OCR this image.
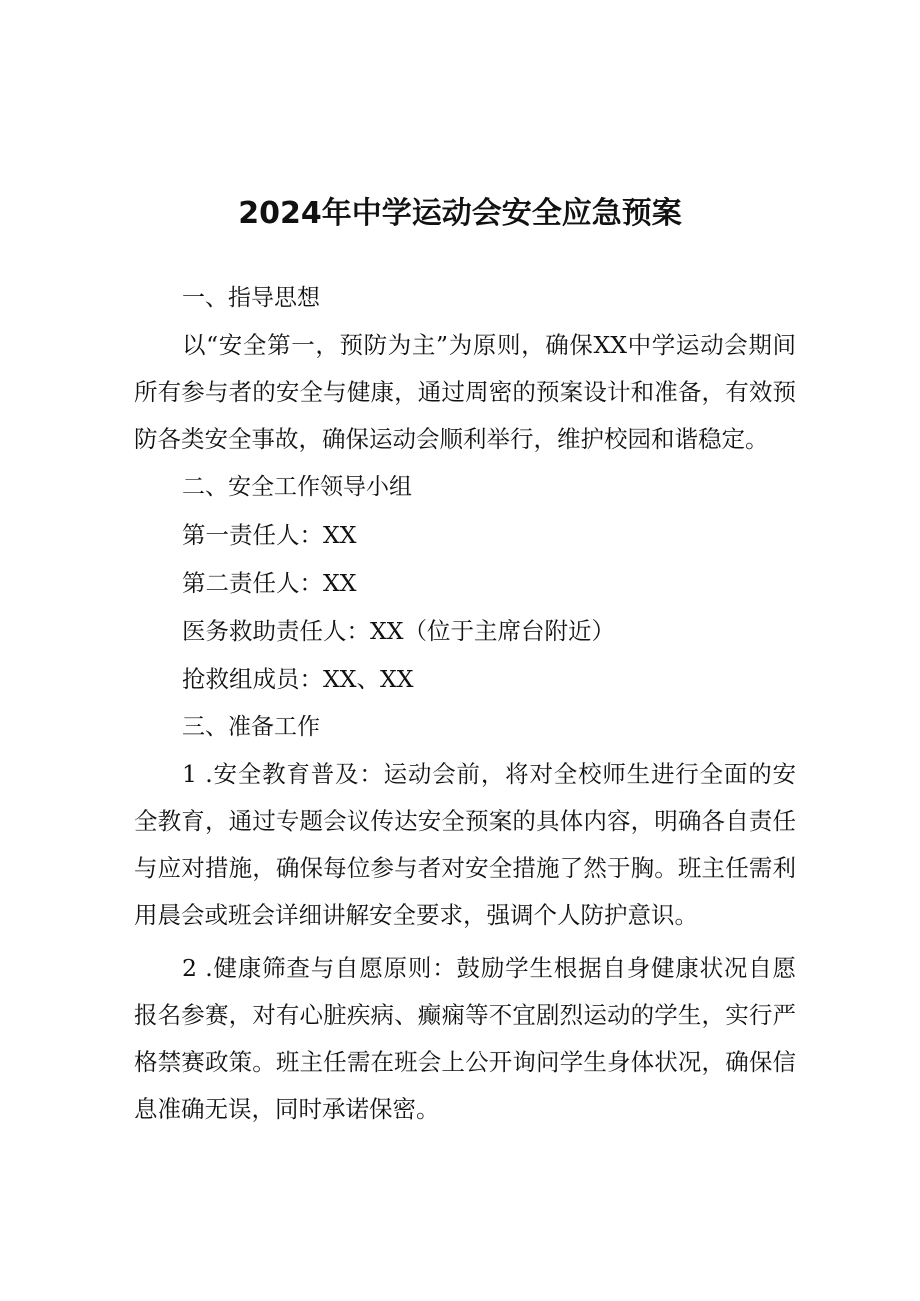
2024年中学运动会安全应急预案

一、指导思想

以“安全第一，预防为主”为原则，确保XX中学运动会期间所有参与者的安全与健康，通过周密的预案设计和准备，有效预防各类安全事故，确保运动会顺利举行，维护校园和谐稳定。

二、安全工作领导小组

第一责任人：XX

第二责任人：XX

医务救助责任人：XX（位于主席台附近）

抢救组成员：XX、XX

三、准备工作

1 .安全教育普及：运动会前，将对全校师生进行全面的安全教育，通过专题会议传达安全预案的具体内容，明确各自责任与应对措施，确保每位参与者对安全措施了然于胸。班主任需利用晨会或班会详细讲解安全要求，强调个人防护意识。

2 .健康筛查与自愿原则：鼓励学生根据自身健康状况自愿报名参赛，对有心脏疾病、癫痫等不宜剧烈运动的学生，实行严格禁赛政策。班主任需在班会上公开询问学生身体状况，确保信息准确无误，同时承诺保密。
